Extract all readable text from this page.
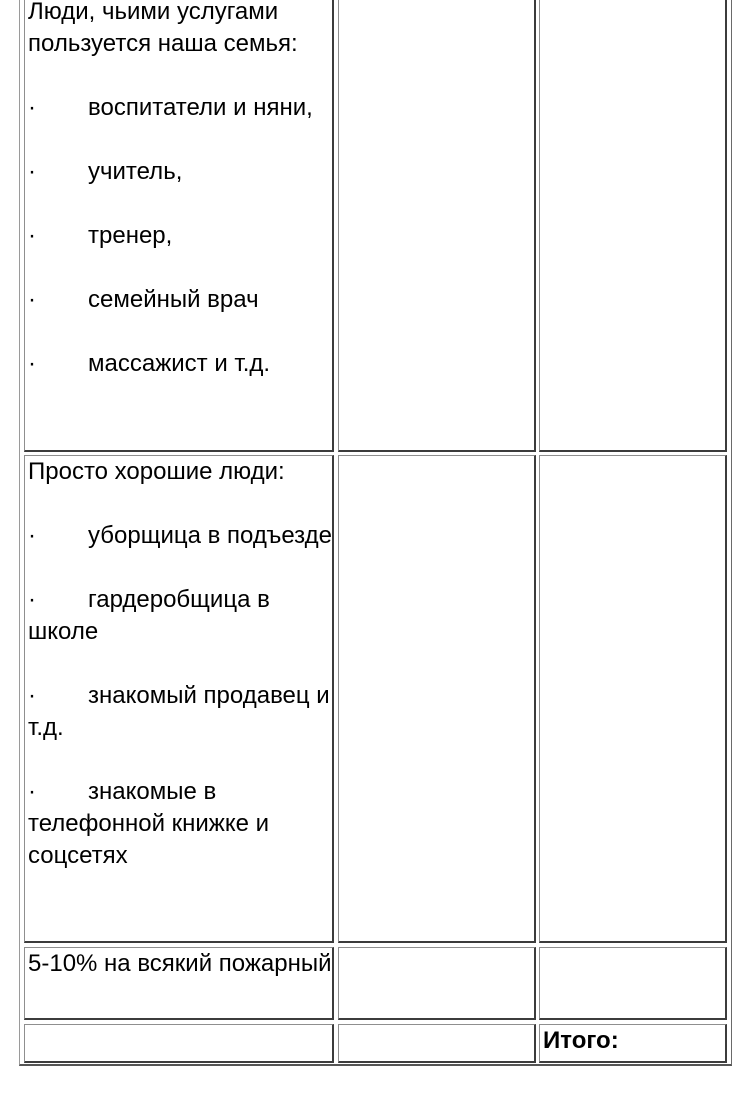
Люди, чьими услугами пользуется наша семья:

· воспитатели и няни,

· учитель,

· тренер,

· семейный врач

· массажист и т.д.

Просто хорошие люди:

· уборщица в подъезде

· гардеробщица в школе

· знакомый продавец и т.д.

· знакомые в телефонной книжке и соцсетях

5-10% на всякий пожарный

Итого:
